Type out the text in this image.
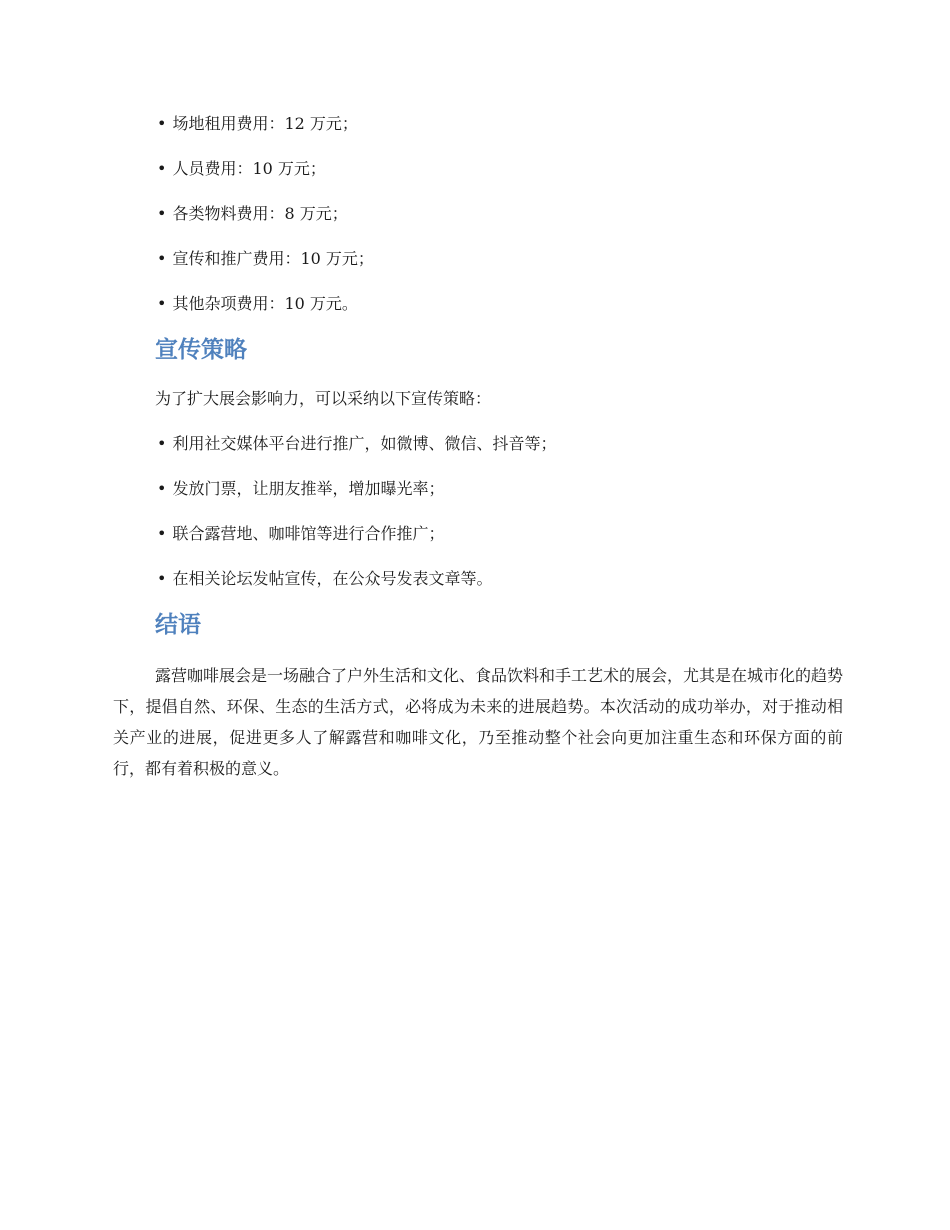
• 场地租用费用：12 万元；
• 人员费用：10 万元；
• 各类物料费用：8 万元；
• 宣传和推广费用：10 万元；
• 其他杂项费用：10 万元。
宣传策略
为了扩大展会影响力，可以采纳以下宣传策略：
• 利用社交媒体平台进行推广，如微博、微信、抖音等；
• 发放门票，让朋友推举，增加曝光率；
• 联合露营地、咖啡馆等进行合作推广；
• 在相关论坛发帖宣传，在公众号发表文章等。
结语

露营咖啡展会是一场融合了户外生活和文化、食品饮料和手工艺术的展会，尤其是在城市化的趋势下，提倡自然、环保、生态的生活方式，必将成为未来的进展趋势。本次活动的成功举办，对于推动相关产业的进展，促进更多人了解露营和咖啡文化，乃至推动整个社会向更加注重生态和环保方面的前行，都有着积极的意义。
